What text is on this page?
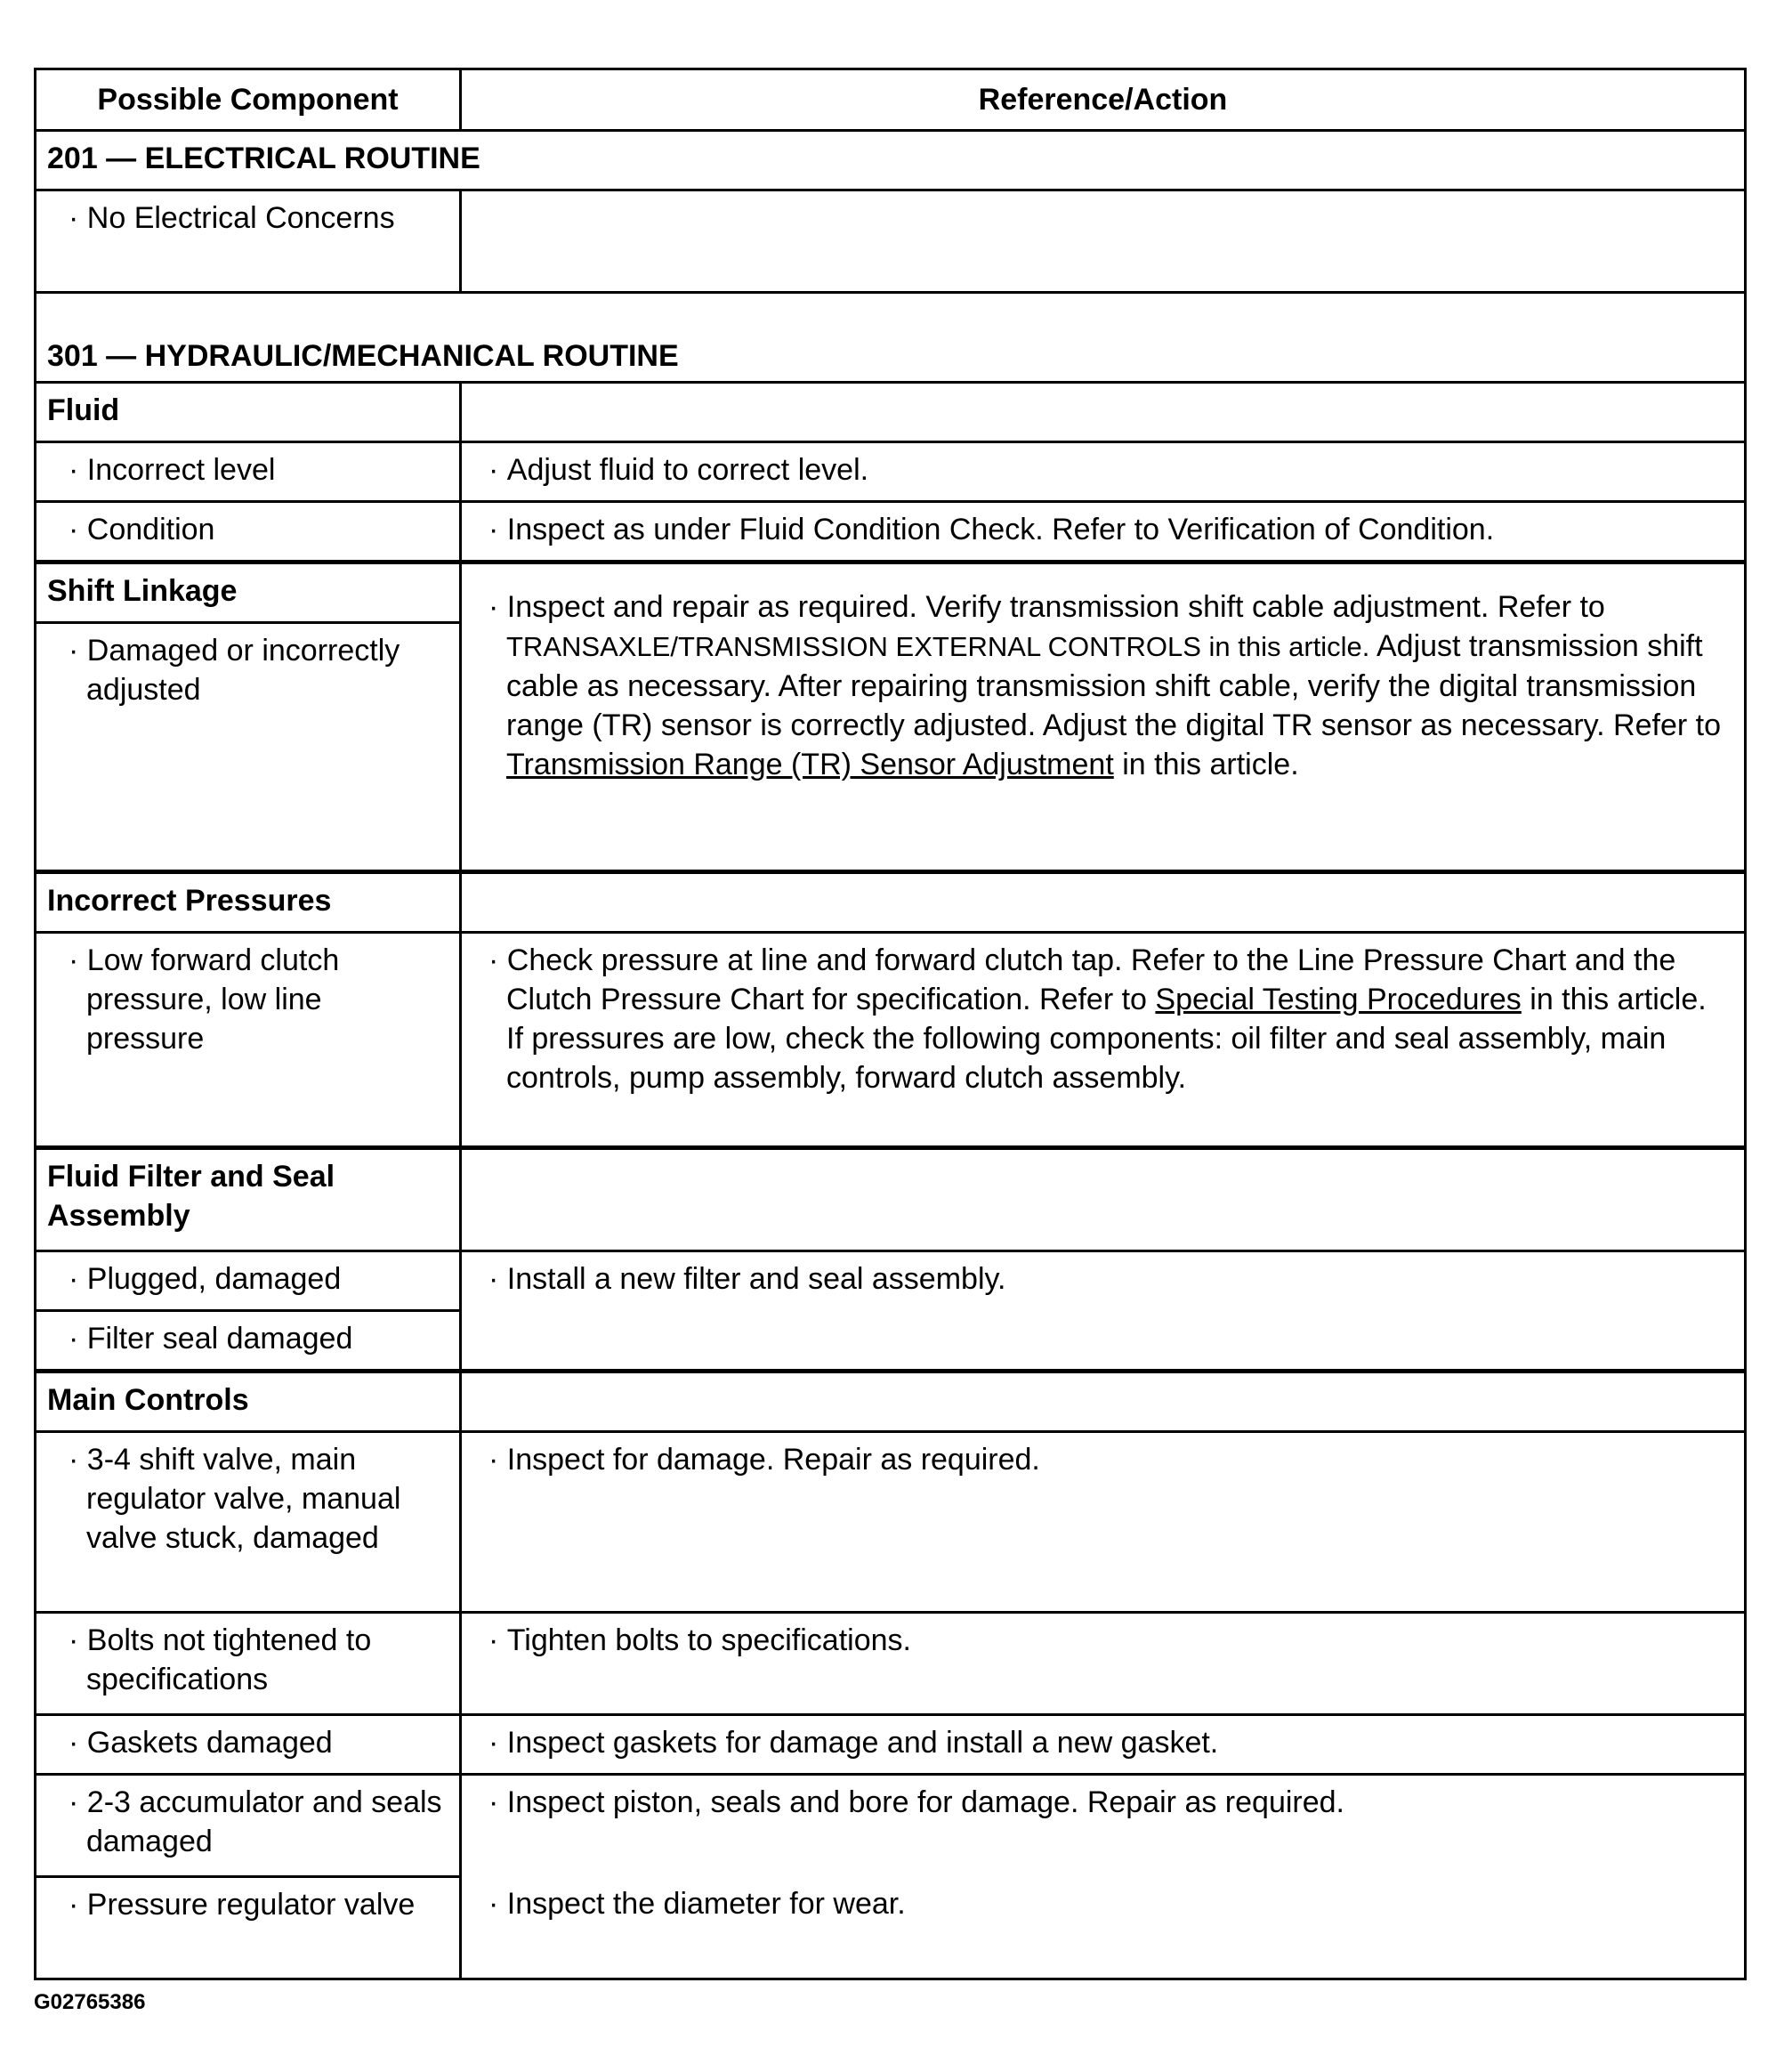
Possible Component	Reference/Action
201 — ELECTRICAL ROUTINE	
· No Electrical Concerns	
301 — HYDRAULIC/MECHANICAL ROUTINE	
Fluid	
· Incorrect level	· Adjust fluid to correct level.
· Condition	· Inspect as under Fluid Condition Check. Refer to Verification of Condition.
Shift Linkage	· Inspect and repair as required. Verify transmission shift cable adjustment. Refer to TRANSAXLE/TRANSMISSION EXTERNAL CONTROLS in this article. Adjust transmission shift cable as necessary. After repairing transmission shift cable, verify the digital transmission range (TR) sensor is correctly adjusted. Adjust the digital TR sensor as necessary. Refer to Transmission Range (TR) Sensor Adjustment in this article.
· Damaged or incorrectly adjusted
Incorrect Pressures	
· Low forward clutch pressure, low line pressure	· Check pressure at line and forward clutch tap. Refer to the Line Pressure Chart and the Clutch Pressure Chart for specification. Refer to Special Testing Procedures in this article. If pressures are low, check the following components: oil filter and seal assembly, main controls, pump assembly, forward clutch assembly.
Fluid Filter and Seal Assembly	
· Plugged, damaged	· Install a new filter and seal assembly.
· Filter seal damaged
Main Controls	
· 3-4 shift valve, main regulator valve, manual valve stuck, damaged	· Inspect for damage. Repair as required.
· Bolts not tightened to specifications	· Tighten bolts to specifications.
· Gaskets damaged	· Inspect gaskets for damage and install a new gasket.
· 2-3 accumulator and seals damaged	· Inspect piston, seals and bore for damage. Repair as required.
· Pressure regulator valve	· Inspect the diameter for wear.
G02765386
